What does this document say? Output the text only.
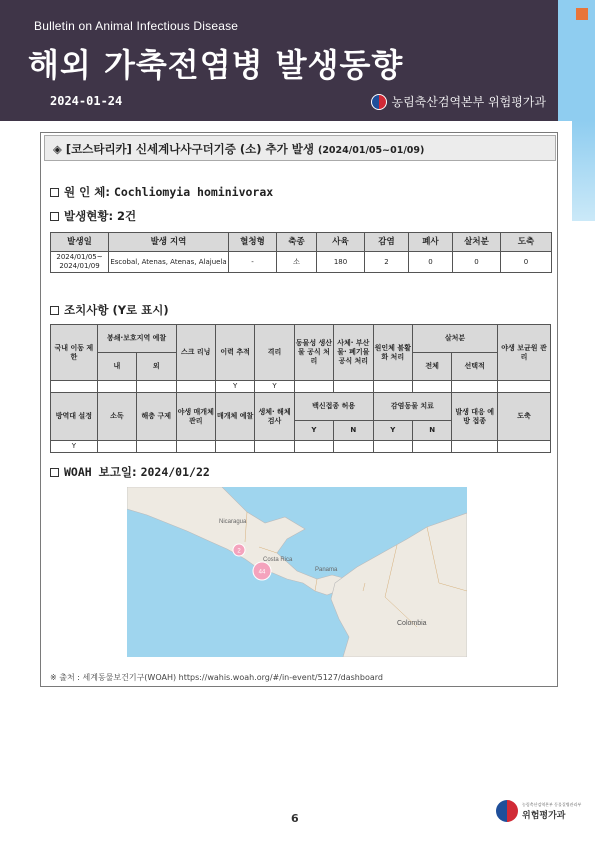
Bulletin on Animal Infectious Disease
해외 가축전염병 발생동향
2024-01-24	농림축산검역본부 위험평가과
◈ [코스타리카] 신세계나사구더기증 (소) 추가 발생 (2024/01/05~01/09)
원 인 체: Cochliomyia hominivorax
발생현황: 2건
발생일	발생 지역	혈청형	축종	사육	감염	폐사	살처분	도축
2024/01/05~ 2024/01/09	Escobal, Atenas, Atenas, Alajuela	-	소	180	2	0	0	0
조치사항 (Y로 표시)
국내 이동 제한	봉쇄·보호지역 예찰		스크 리닝	이력 추적	격리	동물성 생산물 공식 처리	사체· 부산물· 폐기물 공식 처리	원인체 불활화 처리	살처분		야생 보균원 관리
	내	외							전체	선택적	
				Y	Y						
방역대 설정	소독	해충 구제	야생 매개체 관리	매개체 예찰	생체· 해체 검사	백신접종 허용		감염동물 치료		발생 대응 예방 접종	도축
						Y	N	Y	N		
Y											
WOAH 보고일: 2024/01/22
2
44
Nicaragua
Costa Rica
Panama
Colombia
※ 출처 : 세계동물보건기구(WOAH) https://wahis.woah.org/#/in-event/5127/dashboard
6
농림축산검역본부 동물질병관리부
위험평가과
